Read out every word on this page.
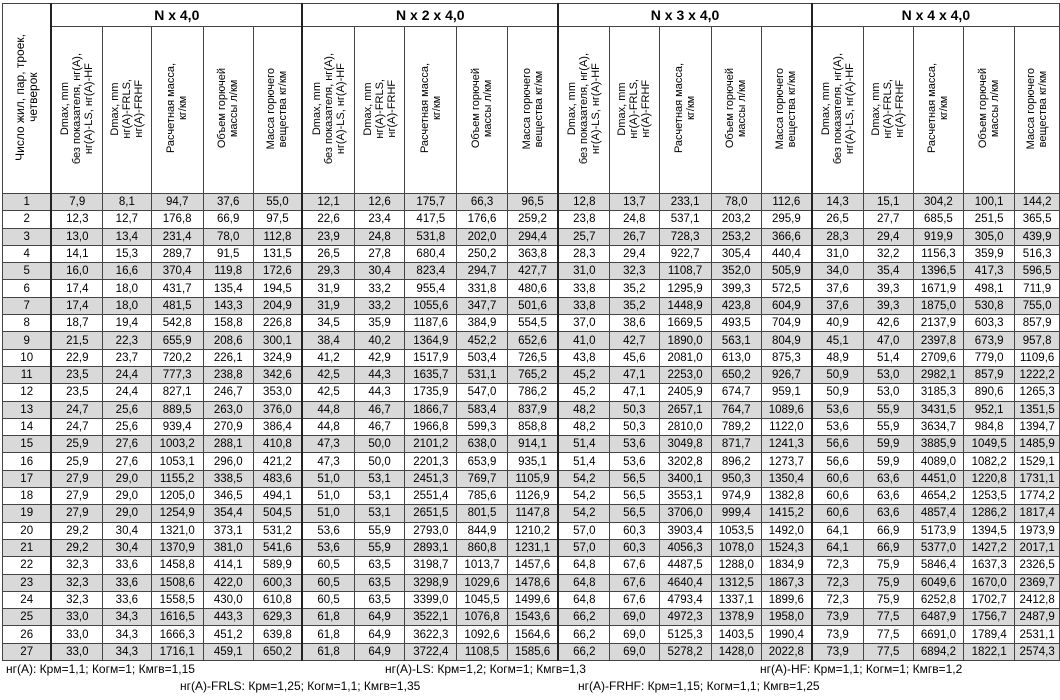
Число жил, пар, троек,
четверок	N x 4,0					N x 2 x 4,0					N x 3 x 4,0					N x 4 x 4,0				
	Dmax, mm
без показателя, нг(А),
нг(А)-LS, нг(А)-HF	Dmax, mm
нг(А)-FRLS,
нг(А)-FRHF	Расчетная масса,
кг/км	Объем горючей
массы л/км	Масса горючего
вещества кг/км	Dmax, mm
без показателя, нг(А),
нг(А)-LS, нг(А)-HF	Dmax, mm
нг(А)-FRLS,
нг(А)-FRHF	Расчетная масса,
кг/км	Объем горючей
массы л/км	Масса горючего
вещества кг/км	Dmax, mm
без показателя, нг(А),
нг(А)-LS, нг(А)-HF	Dmax, mm
нг(А)-FRLS,
нг(А)-FRHF	Расчетная масса,
кг/км	Объем горючей
массы л/км	Масса горючего
вещества кг/км	Dmax, mm
без показателя, нг(А),
нг(А)-LS, нг(А)-HF	Dmax, mm
нг(А)-FRLS,
нг(А)-FRHF	Расчетная масса,
кг/км	Объем горючей
массы л/км	Масса горючего
вещества кг/км
1	7,9	8,1	94,7	37,6	55,0	12,1	12,6	175,7	66,3	96,5	12,8	13,7	233,1	78,0	112,6	14,3	15,1	304,2	100,1	144,2
2	12,3	12,7	176,8	66,9	97,5	22,6	23,4	417,5	176,6	259,2	23,8	24,8	537,1	203,2	295,9	26,5	27,7	685,5	251,5	365,5
3	13,0	13,4	231,4	78,0	112,8	23,9	24,8	531,8	202,0	294,4	25,7	26,7	728,3	253,2	366,6	28,3	29,4	919,9	305,0	439,9
4	14,1	15,3	289,7	91,5	131,5	26,5	27,8	680,4	250,2	363,8	28,3	29,4	922,7	305,4	440,4	31,0	32,2	1156,3	359,9	516,3
5	16,0	16,6	370,4	119,8	172,6	29,3	30,4	823,4	294,7	427,7	31,0	32,3	1108,7	352,0	505,9	34,0	35,4	1396,5	417,3	596,5
6	17,4	18,0	431,7	135,4	194,5	31,9	33,2	955,4	331,8	480,6	33,8	35,2	1295,9	399,3	572,5	37,6	39,3	1671,9	498,1	711,9
7	17,4	18,0	481,5	143,3	204,9	31,9	33,2	1055,6	347,7	501,6	33,8	35,2	1448,9	423,8	604,9	37,6	39,3	1875,0	530,8	755,0
8	18,7	19,4	542,8	158,8	226,8	34,5	35,9	1187,6	384,9	554,5	37,0	38,6	1669,5	493,5	704,9	40,9	42,6	2137,9	603,3	857,9
9	21,5	22,3	655,9	208,6	300,1	38,4	40,2	1364,9	452,2	652,6	41,0	42,7	1890,0	563,1	804,9	45,1	47,0	2397,8	673,9	957,8
10	22,9	23,7	720,2	226,1	324,9	41,2	42,9	1517,9	503,4	726,5	43,8	45,6	2081,0	613,0	875,3	48,9	51,4	2709,6	779,0	1109,6
11	23,5	24,4	777,3	238,8	342,6	42,5	44,3	1635,7	531,1	765,2	45,2	47,1	2253,0	650,2	926,7	50,9	53,0	2982,1	857,9	1222,2
12	23,5	24,4	827,1	246,7	353,0	42,5	44,3	1735,9	547,0	786,2	45,2	47,1	2405,9	674,7	959,1	50,9	53,0	3185,3	890,6	1265,3
13	24,7	25,6	889,5	263,0	376,0	44,8	46,7	1866,7	583,4	837,9	48,2	50,3	2657,1	764,7	1089,6	53,6	55,9	3431,5	952,1	1351,5
14	24,7	25,6	939,4	270,9	386,4	44,8	46,7	1966,8	599,3	858,8	48,2	50,3	2810,0	789,2	1122,0	53,6	55,9	3634,7	984,8	1394,7
15	25,9	27,6	1003,2	288,1	410,8	47,3	50,0	2101,2	638,0	914,1	51,4	53,6	3049,8	871,7	1241,3	56,6	59,9	3885,9	1049,5	1485,9
16	25,9	27,6	1053,1	296,0	421,2	47,3	50,0	2201,3	653,9	935,1	51,4	53,6	3202,8	896,2	1273,7	56,6	59,9	4089,0	1082,2	1529,1
17	27,9	29,0	1155,2	338,5	483,6	51,0	53,1	2451,3	769,7	1105,9	54,2	56,5	3400,1	950,3	1350,4	60,6	63,6	4451,0	1220,8	1731,1
18	27,9	29,0	1205,0	346,5	494,1	51,0	53,1	2551,4	785,6	1126,9	54,2	56,5	3553,1	974,9	1382,8	60,6	63,6	4654,2	1253,5	1774,2
19	27,9	29,0	1254,9	354,4	504,5	51,0	53,1	2651,5	801,5	1147,8	54,2	56,5	3706,0	999,4	1415,2	60,6	63,6	4857,4	1286,2	1817,4
20	29,2	30,4	1321,0	373,1	531,2	53,6	55,9	2793,0	844,9	1210,2	57,0	60,3	3903,4	1053,5	1492,0	64,1	66,9	5173,9	1394,5	1973,9
21	29,2	30,4	1370,9	381,0	541,6	53,6	55,9	2893,1	860,8	1231,1	57,0	60,3	4056,3	1078,0	1524,3	64,1	66,9	5377,0	1427,2	2017,1
22	32,3	33,6	1458,8	414,1	589,9	60,5	63,5	3198,7	1013,7	1457,6	64,8	67,6	4487,5	1288,0	1834,9	72,3	75,9	5846,4	1637,3	2326,5
23	32,3	33,6	1508,6	422,0	600,3	60,5	63,5	3298,9	1029,6	1478,6	64,8	67,6	4640,4	1312,5	1867,3	72,3	75,9	6049,6	1670,0	2369,7
24	32,3	33,6	1558,5	430,0	610,8	60,5	63,5	3399,0	1045,5	1499,6	64,8	67,6	4793,4	1337,1	1899,6	72,3	75,9	6252,8	1702,7	2412,8
25	33,0	34,3	1616,5	443,3	629,3	61,8	64,9	3522,1	1076,8	1543,6	66,2	69,0	4972,3	1378,9	1958,0	73,9	77,5	6487,9	1756,7	2487,9
26	33,0	34,3	1666,3	451,2	639,8	61,8	64,9	3622,3	1092,6	1564,6	66,2	69,0	5125,3	1403,5	1990,4	73,9	77,5	6691,0	1789,4	2531,1
27	33,0	34,3	1716,1	459,1	650,2	61,8	64,9	3722,4	1108,5	1585,6	66,2	69,0	5278,2	1428,0	2022,8	73,9	77,5	6894,2	1822,1	2574,3
нг(А): Крм=1,1; Когм=1; Кмгв=1,15	нг(А)-LS: Крм=1,2; Когм=1; Кмгв=1,3	нг(А)-HF: Крм=1,1; Когм=1; Кмгв=1,2
нг(А)-FRLS: Крм=1,25; Когм=1,1; Кмгв=1,35	нг(А)-FRHF: Крм=1,15; Когм=1,1; Кмгв=1,25
